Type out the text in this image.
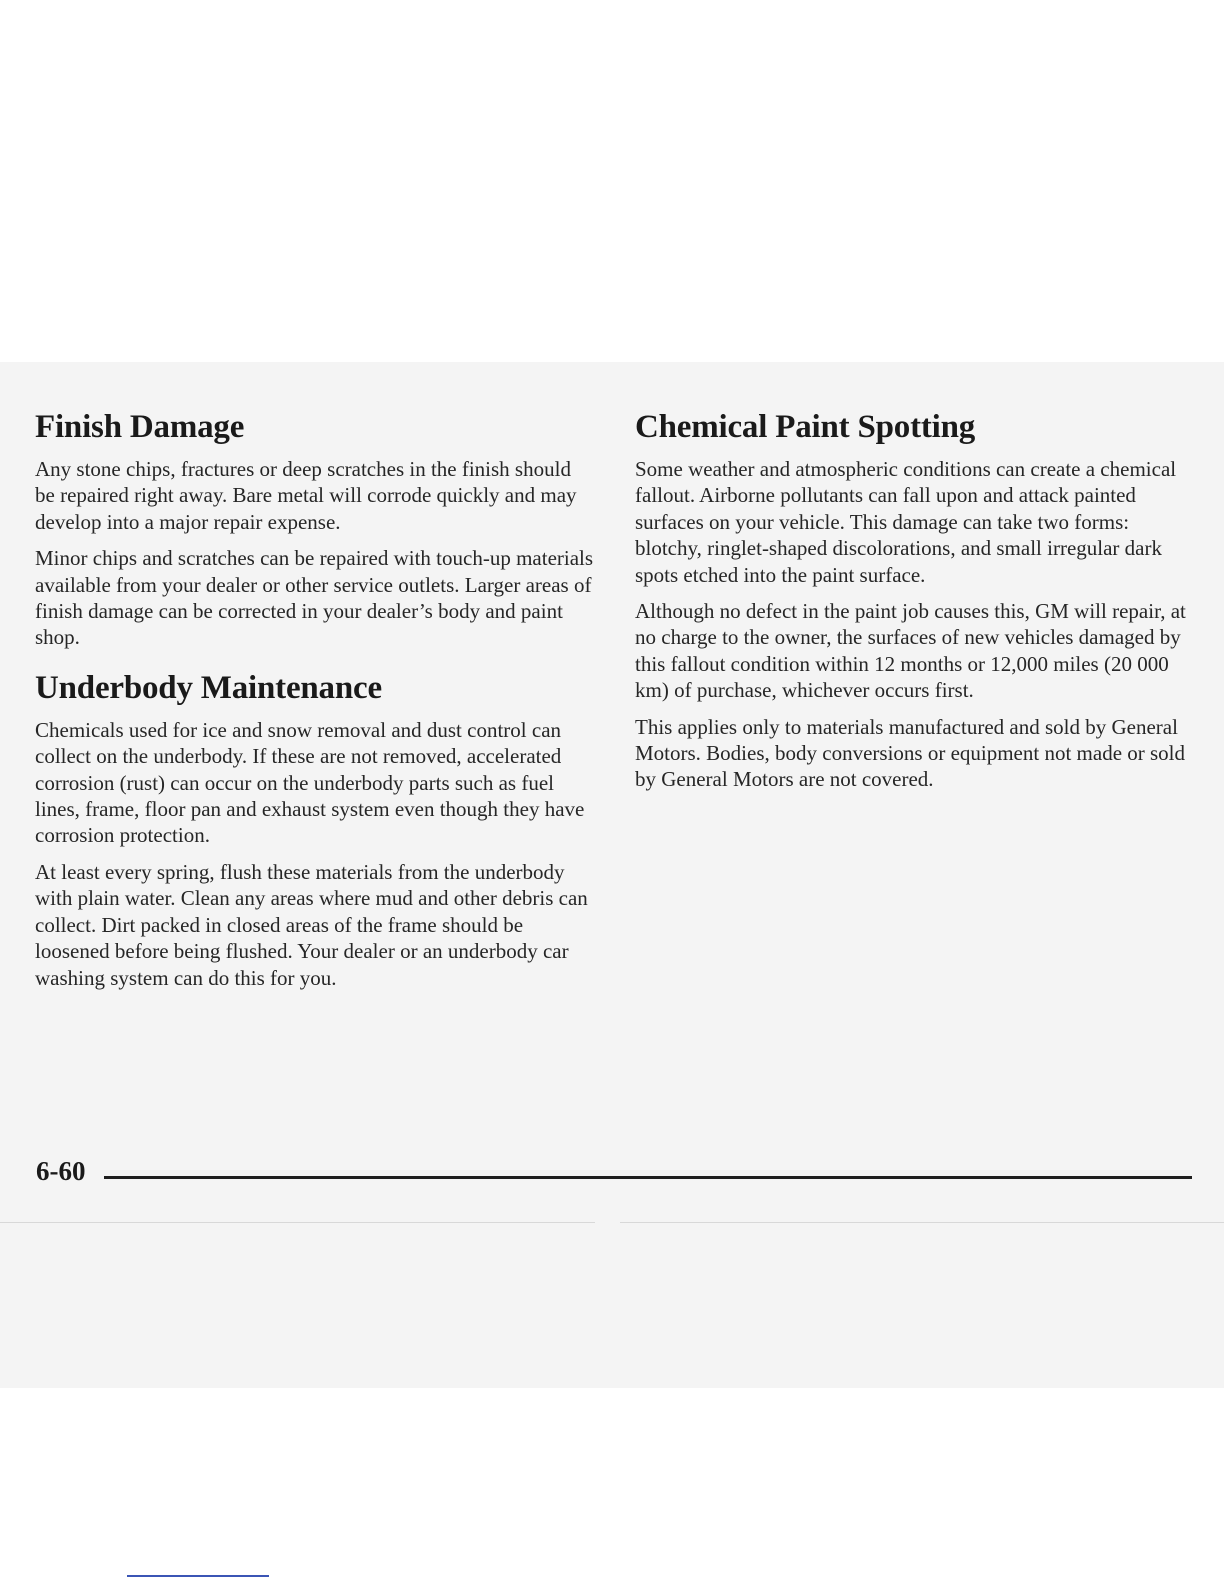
Finish Damage

Any stone chips, fractures or deep scratches in the finish should be repaired right away. Bare metal will corrode quickly and may develop into a major repair expense.

Minor chips and scratches can be repaired with touch-up materials available from your dealer or other service outlets. Larger areas of finish damage can be corrected in your dealer’s body and paint shop.

Underbody Maintenance

Chemicals used for ice and snow removal and dust control can collect on the underbody. If these are not removed, accelerated corrosion (rust) can occur on the underbody parts such as fuel lines, frame, floor pan and exhaust system even though they have corrosion protection.

At least every spring, flush these materials from the underbody with plain water. Clean any areas where mud and other debris can collect. Dirt packed in closed areas of the frame should be loosened before being flushed. Your dealer or an underbody car washing system can do this for you.

Chemical Paint Spotting

Some weather and atmospheric conditions can create a chemical fallout. Airborne pollutants can fall upon and attack painted surfaces on your vehicle. This damage can take two forms: blotchy, ringlet-shaped discolorations, and small irregular dark spots etched into the paint surface.

Although no defect in the paint job causes this, GM will repair, at no charge to the owner, the surfaces of new vehicles damaged by this fallout condition within 12 months or 12,000 miles (20 000 km) of purchase, whichever occurs first.

This applies only to materials manufactured and sold by General Motors. Bodies, body conversions or equipment not made or sold by General Motors are not covered.

6-60
